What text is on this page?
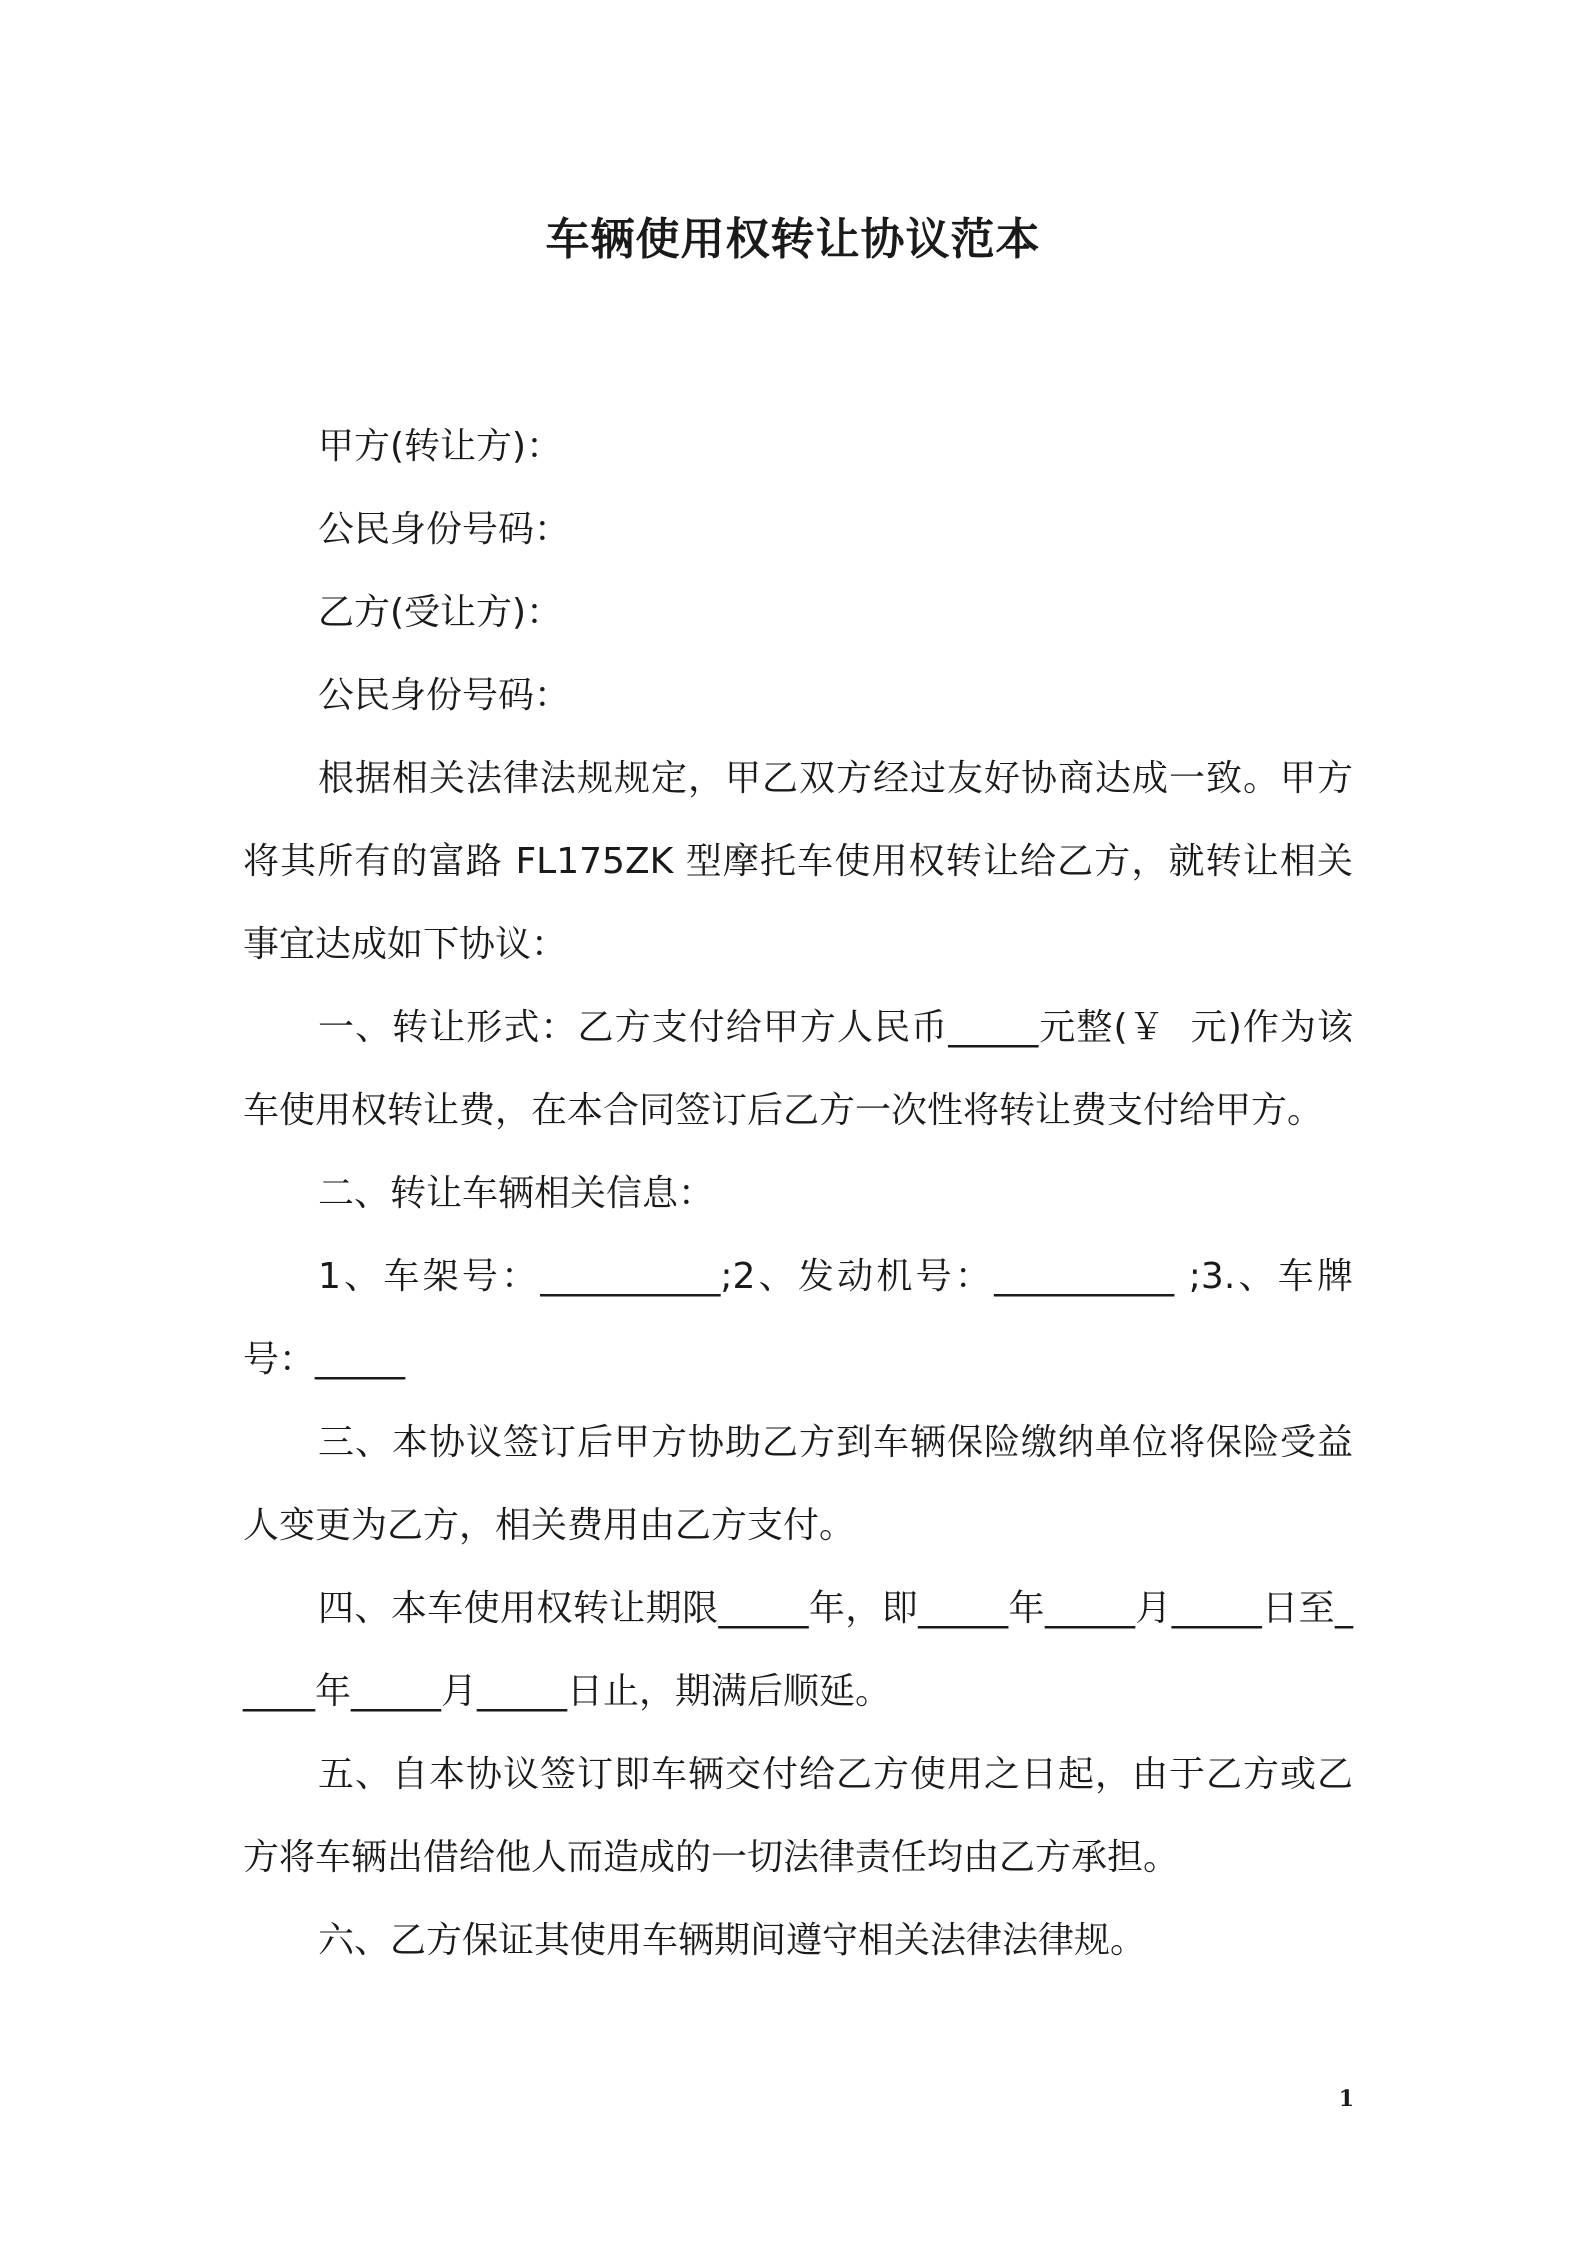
车辆使用权转让协议范本

甲方(转让方)：

公民身份号码：

乙方(受让方)：

公民身份号码：

根据相关法律法规规定，甲乙双方经过友好协商达成一致。甲方将其所有的富路 FL175ZK 型摩托车使用权转让给乙方，就转让相关事宜达成如下协议：

一、转让形式：乙方支付给甲方人民币_____元整(￥  元)作为该车使用权转让费，在本合同签订后乙方一次性将转让费支付给甲方。

二、转让车辆相关信息：

1、车架号：__________;2、发动机号：__________ ;3.、车牌号：_____

三、本协议签订后甲方协助乙方到车辆保险缴纳单位将保险受益人变更为乙方，相关费用由乙方支付。

四、本车使用权转让期限_____年，即_____年_____月_____日至_____年_____月_____日止，期满后顺延。

五、自本协议签订即车辆交付给乙方使用之日起，由于乙方或乙方将车辆出借给他人而造成的一切法律责任均由乙方承担。

六、乙方保证其使用车辆期间遵守相关法律法律规。

1
